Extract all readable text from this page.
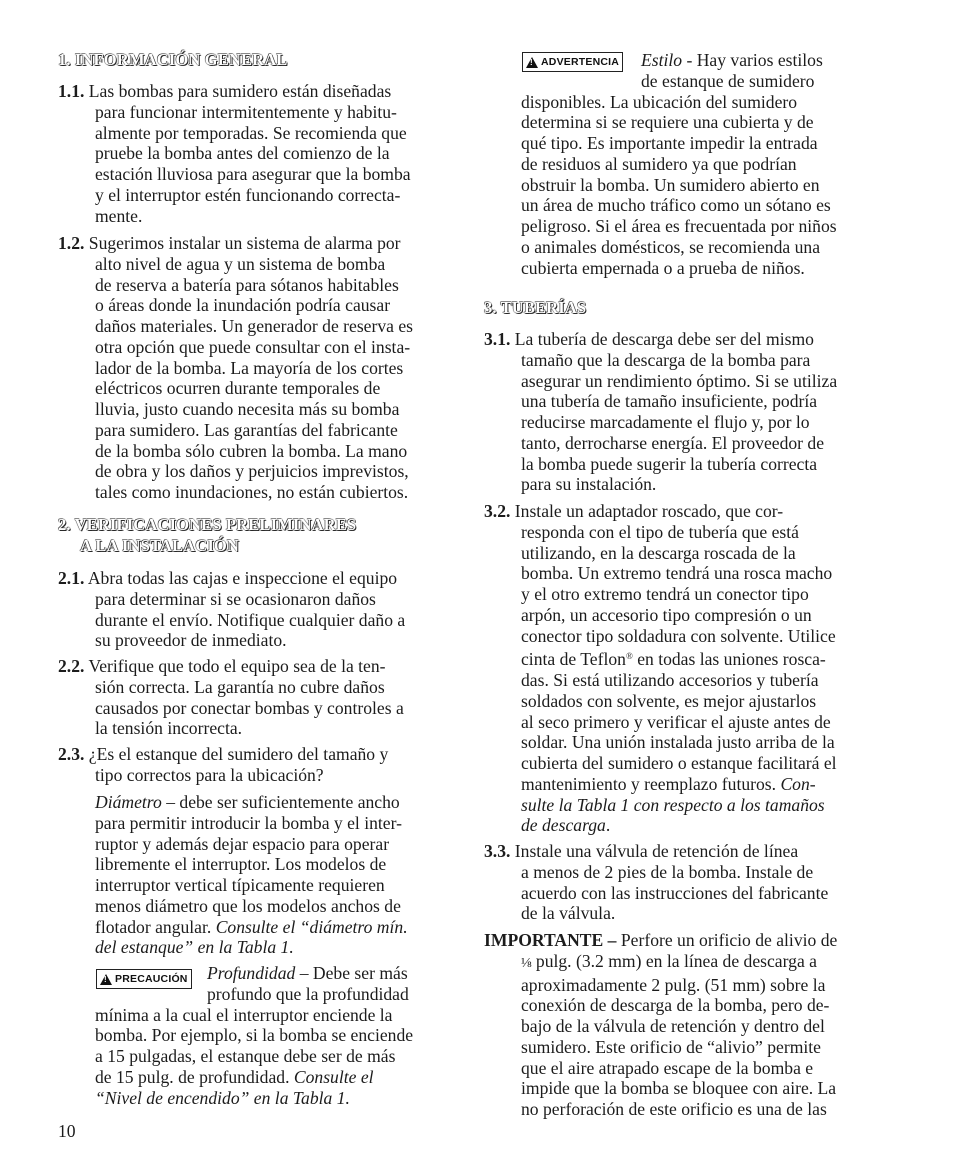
1. INFORMACIÓN GENERAL
1.1. Las bombas para sumidero están diseñadas
para funcionar intermitentemente y habitu-
almente por temporadas. Se recomienda que
pruebe la bomba antes del comienzo de la
estación lluviosa para asegurar que la bomba
y el interruptor estén funcionando correcta-
mente.
1.2. Sugerimos instalar un sistema de alarma por
alto nivel de agua y un sistema de bomba
de reserva a batería para sótanos habitables
o áreas donde la inundación podría causar
daños materiales. Un generador de reserva es
otra opción que puede consultar con el insta-
lador de la bomba. La mayoría de los cortes
eléctricos ocurren durante temporales de
lluvia, justo cuando necesita más su bomba
para sumidero. Las garantías del fabricante
de la bomba sólo cubren la bomba. La mano
de obra y los daños y perjuicios imprevistos,
tales como inundaciones, no están cubiertos.
2. VERIFICACIONES PRELIMINARES
A LA INSTALACIÓN
2.1. Abra todas las cajas e inspeccione el equipo
para determinar si se ocasionaron daños
durante el envío. Notifique cualquier daño a
su proveedor de inmediato.
2.2. Verifique que todo el equipo sea de la ten-
sión correcta. La garantía no cubre daños
causados por conectar bombas y controles a
la tensión incorrecta.
2.3. ¿Es el estanque del sumidero del tamaño y
tipo correctos para la ubicación?
Diámetro – debe ser suficientemente ancho
para permitir introducir la bomba y el inter-
ruptor y además dejar espacio para operar
libremente el interruptor. Los modelos de
interruptor vertical típicamente requieren
menos diámetro que los modelos anchos de
flotador angular. Consulte el “diámetro mín.
del estanque” en la Tabla 1.
! PRECAUCIÓN	Profundidad – Debe ser más
profundo que la profundidad
mínima a la cual el interruptor enciende la
bomba. Por ejemplo, si la bomba se enciende
a 15 pulgadas, el estanque debe ser de más
de 15 pulg. de profundidad. Consulte el
“Nivel de encendido” en la Tabla 1.
10
! ADVERTENCIA	Estilo - Hay varios estilos
de estanque de sumidero
disponibles. La ubicación del sumidero
determina si se requiere una cubierta y de
qué tipo. Es importante impedir la entrada
de residuos al sumidero ya que podrían
obstruir la bomba. Un sumidero abierto en
un área de mucho tráfico como un sótano es
peligroso. Si el área es frecuentada por niños
o animales domésticos, se recomienda una
cubierta empernada o a prueba de niños.
3. TUBERÍAS
3.1. La tubería de descarga debe ser del mismo
tamaño que la descarga de la bomba para
asegurar un rendimiento óptimo. Si se utiliza
una tubería de tamaño insuficiente, podría
reducirse marcadamente el flujo y, por lo
tanto, derrocharse energía. El proveedor de
la bomba puede sugerir la tubería correcta
para su instalación.
3.2. Instale un adaptador roscado, que cor-
responda con el tipo de tubería que está
utilizando, en la descarga roscada de la
bomba. Un extremo tendrá una rosca macho
y el otro extremo tendrá un conector tipo
arpón, un accesorio tipo compresión o un
conector tipo soldadura con solvente. Utilice
cinta de Teflon® en todas las uniones rosca-
das. Si está utilizando accesorios y tubería
soldados con solvente, es mejor ajustarlos
al seco primero y verificar el ajuste antes de
soldar. Una unión instalada justo arriba de la
cubierta del sumidero o estanque facilitará el
mantenimiento y reemplazo futuros. Con-
sulte la Tabla 1 con respecto a los tamaños
de descarga.
3.3. Instale una válvula de retención de línea
a menos de 2 pies de la bomba. Instale de
acuerdo con las instrucciones del fabricante
de la válvula.
IMPORTANTE – Perfore un orificio de alivio de
⅛ pulg. (3.2 mm) en la línea de descarga a
aproximadamente 2 pulg. (51 mm) sobre la
conexión de descarga de la bomba, pero de-
bajo de la válvula de retención y dentro del
sumidero. Este orificio de “alivio” permite
que el aire atrapado escape de la bomba e
impide que la bomba se bloquee con aire. La
no perforación de este orificio es una de las
